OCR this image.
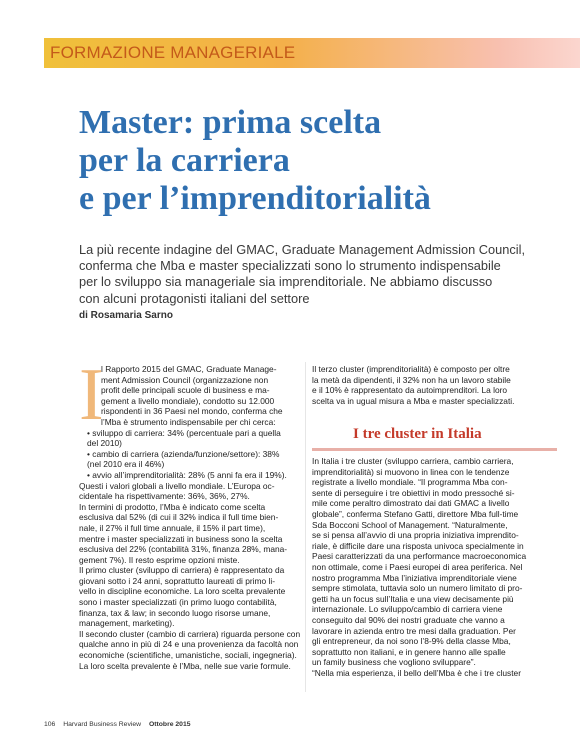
FORMAZIONE MANAGERIALE
Master: prima scelta
per la carriera
e per l’imprenditorialità

La più recente indagine del GMAC, Graduate Management Admission Council,
conferma che Mba e master specializzati sono lo strumento indispensabile
per lo sviluppo sia manageriale sia imprenditoriale. Ne abbiamo discusso
con alcuni protagonisti italiani del settore

di Rosamaria Sarno
I
l Rapporto 2015 del GMAC, Graduate Manage-
ment Admission Council (organizzazione non
profit delle principali scuole di business e ma-
gement a livello mondiale), condotto su 12.000
rispondenti in 36 Paesi nel mondo, conferma che
l’Mba è strumento indispensabile per chi cerca:
• sviluppo di carriera: 34% (percentuale pari a quella
del 2010)
• cambio di carriera (azienda/funzione/settore): 38%
(nel 2010 era il 46%)
• avvio all’imprenditorialità: 28% (5 anni fa era il 19%).
Questi i valori globali a livello mondiale. L’Europa oc-
cidentale ha rispettivamente: 36%, 36%, 27%.
In termini di prodotto, l’Mba è indicato come scelta
esclusiva dal 52% (di cui il 32% indica il full time bien-
nale, il 27% il full time annuale, il 15% il part time),
mentre i master specializzati in business sono la scelta
esclusiva del 22% (contabilità 31%, finanza 28%, mana-
gement 7%). Il resto esprime opzioni miste.
Il primo cluster (sviluppo di carriera) è rappresentato da
giovani sotto i 24 anni, soprattutto laureati di primo li-
vello in discipline economiche. La loro scelta prevalente
sono i master specializzati (in primo luogo contabilità,
finanza, tax & law; in secondo luogo risorse umane,
management, marketing).
Il secondo cluster (cambio di carriera) riguarda persone con
qualche anno in più di 24 e una provenienza da facoltà non
economiche (scientifiche, umanistiche, sociali, ingegneria).
La loro scelta prevalente è l’Mba, nelle sue varie formule.
Il terzo cluster (imprenditorialità) è composto per oltre
la metà da dipendenti, il 32% non ha un lavoro stabile
e il 10% è rappresentato da autoimprenditori. La loro
scelta va in ugual misura a Mba e master specializzati.
I tre cluster in Italia
In Italia i tre cluster (sviluppo carriera, cambio carriera,
imprenditorialità) si muovono in linea con le tendenze
registrate a livello mondiale. “Il programma Mba con-
sente di perseguire i tre obiettivi in modo pressoché si-
mile come peraltro dimostrato dai dati GMAC a livello
globale”, conferma Stefano Gatti, direttore Mba full-time
Sda Bocconi School of Management. “Naturalmente,
se si pensa all’avvio di una propria iniziativa imprendito-
riale, è difficile dare una risposta univoca specialmente in
Paesi caratterizzati da una performance macroeconomica
non ottimale, come i Paesi europei di area periferica. Nel
nostro programma Mba l’iniziativa imprenditoriale viene
sempre stimolata, tuttavia solo un numero limitato di pro-
getti ha un focus sull’Italia e una view decisamente più
internazionale. Lo sviluppo/cambio di carriera viene
conseguito dal 90% dei nostri graduate che vanno a
lavorare in azienda entro tre mesi dalla graduation. Per
gli entrepreneur, da noi sono l’8-9% della classe Mba,
soprattutto non italiani, e in genere hanno alle spalle
un family business che vogliono sviluppare”.
“Nella mia esperienza, il bello dell’Mba è che i tre cluster
106 Harvard Business Review Ottobre 2015
